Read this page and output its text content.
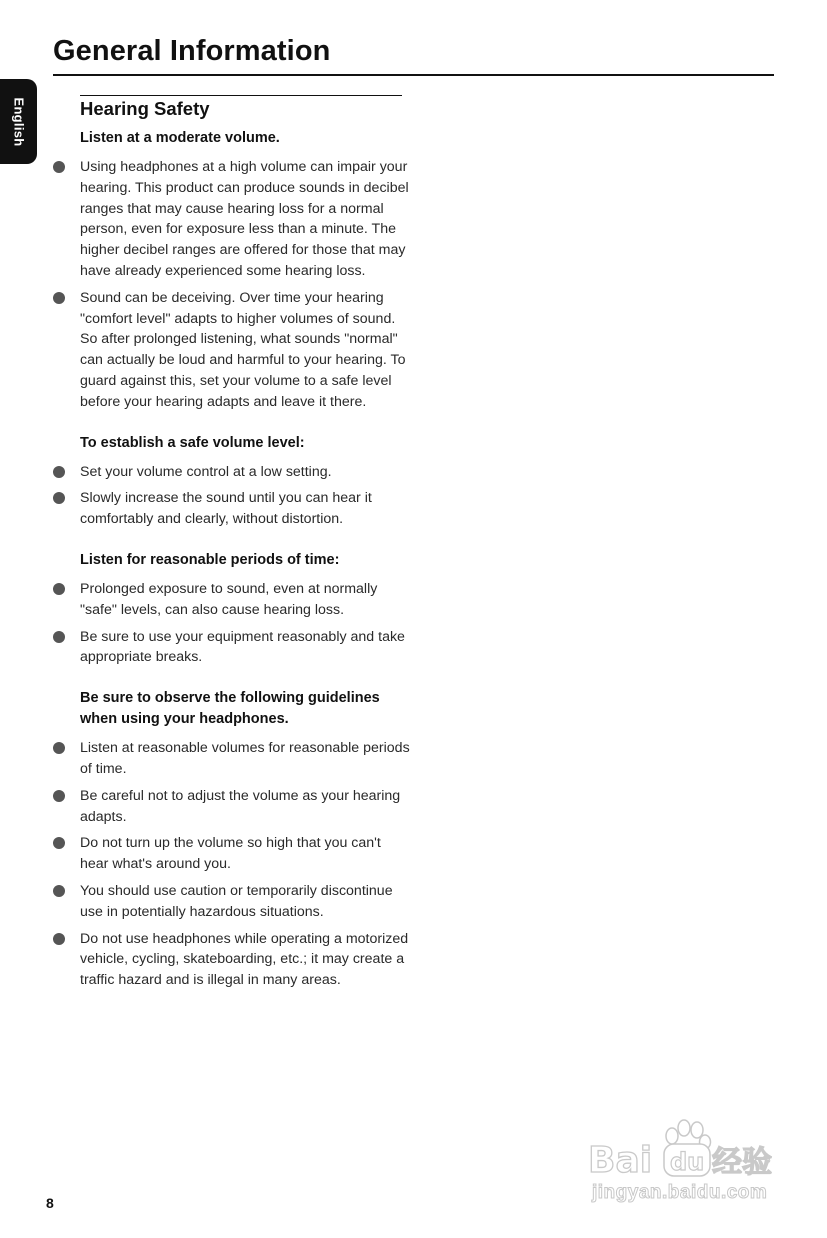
General Information
English	Hearing Safety
Listen at a moderate volume.
Using headphones at a high volume can impair your hearing. This product can produce sounds in decibel ranges that may cause hearing loss for a normal person, even for exposure less than a minute. The higher decibel ranges are offered for those that may have already experienced some hearing loss.
Sound can be deceiving. Over time your hearing "comfort level" adapts to higher volumes of sound. So after prolonged listening, what sounds "normal" can actually be loud and harmful to your hearing. To guard against this, set your volume to a safe level before your hearing adapts and leave it there.
To establish a safe volume level:
Set your volume control at a low setting.
Slowly increase the sound until you can hear it comfortably and clearly, without distortion.
Listen for reasonable periods of time:
Prolonged exposure to sound, even at normally "safe" levels, can also cause hearing loss.
Be sure to use your equipment reasonably and take appropriate breaks.
Be sure to observe the following guidelines when using your headphones.
Listen at reasonable volumes for reasonable periods of time.
Be careful not to adjust the volume as your hearing adapts.
Do not turn up the volume so high that you can't hear what's around you.
You should use caution or temporarily discontinue use in potentially hazardous situations.
Do not use headphones while operating a motorized vehicle, cycling, skateboarding, etc.; it may create a traffic hazard and is illegal in many areas.
8
Bai du 经验
jingyan.baidu.com
